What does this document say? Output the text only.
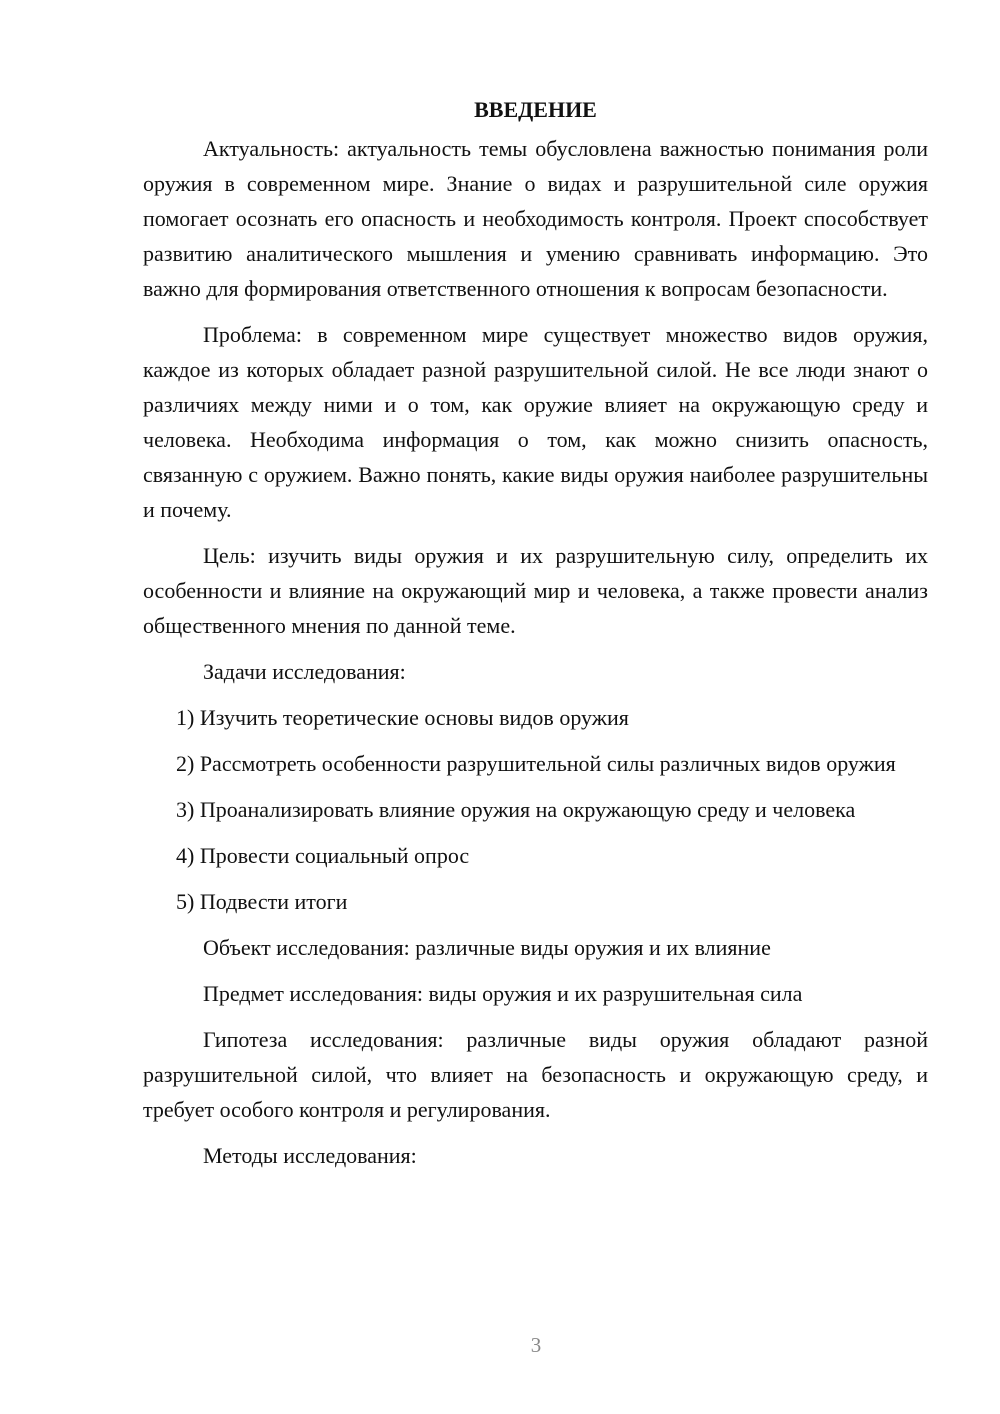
ВВЕДЕНИЕ

Актуальность: актуальность темы обусловлена важностью понимания роли оружия в современном мире. Знание о видах и разрушительной силе оружия помогает осознать его опасность и необходимость контроля. Проект способствует развитию аналитического мышления и умению сравнивать информацию. Это важно для формирования ответственного отношения к вопросам безопасности.

Проблема: в современном мире существует множество видов оружия, каждое из которых обладает разной разрушительной силой. Не все люди знают о различиях между ними и о том, как оружие влияет на окружающую среду и человека. Необходима информация о том, как можно снизить опасность, связанную с оружием. Важно понять, какие виды оружия наиболее разрушительны и почему.

Цель: изучить виды оружия и их разрушительную силу, определить их особенности и влияние на окружающий мир и человека, а также провести анализ общественного мнения по данной теме.

Задачи исследования:

1) Изучить теоретические основы видов оружия

2) Рассмотреть особенности разрушительной силы различных видов оружия

3) Проанализировать влияние оружия на окружающую среду и человека

4) Провести социальный опрос

5) Подвести итоги

Объект исследования: различные виды оружия и их влияние

Предмет исследования: виды оружия и их разрушительная сила

Гипотеза исследования: различные виды оружия обладают разной разрушительной силой, что влияет на безопасность и окружающую среду, и требует особого контроля и регулирования.

Методы исследования:

3
